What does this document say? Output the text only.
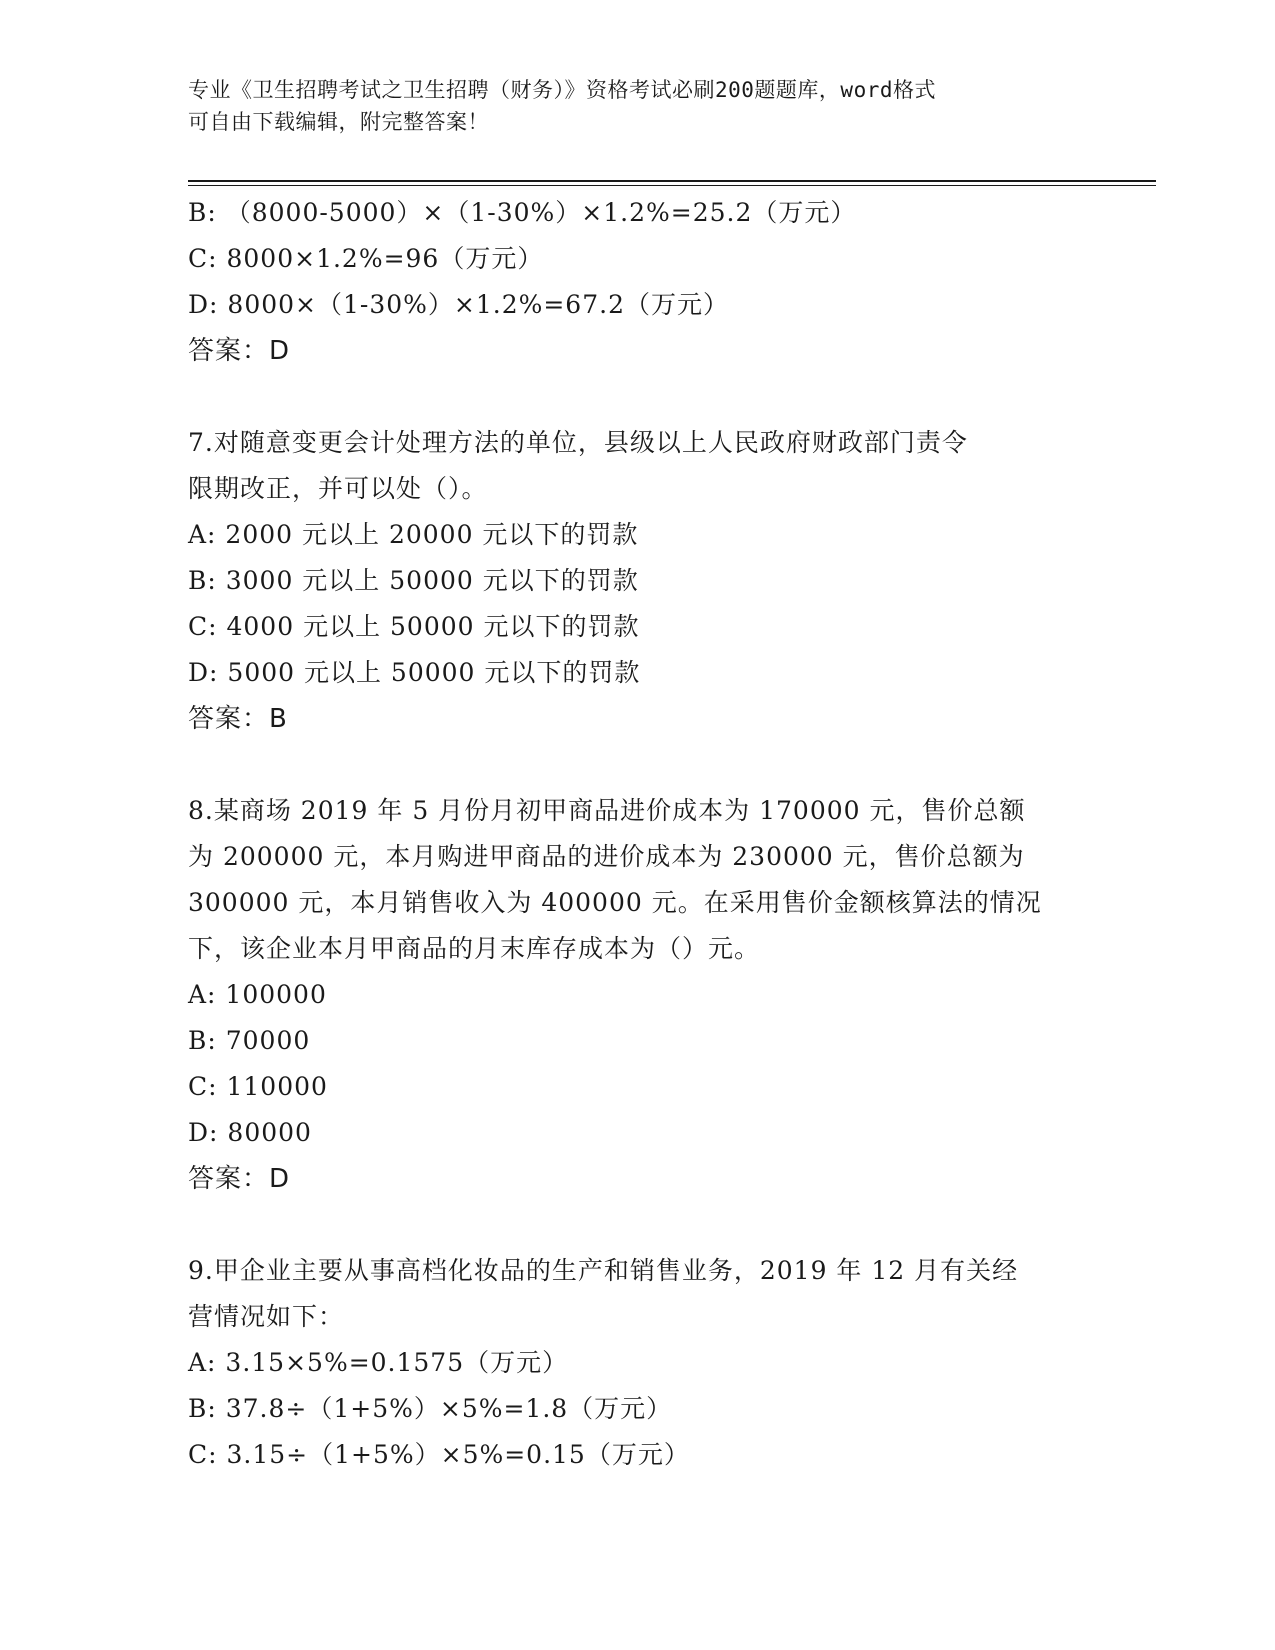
专业《卫生招聘考试之卫生招聘（财务）》资格考试必刷200题题库，word格式
可自由下载编辑，附完整答案！
B: （8000-5000）×（1-30%）×1.2%=25.2（万元）
C: 8000×1.2%=96（万元）
D: 8000×（1-30%）×1.2%=67.2（万元）
答案：D
7.对随意变更会计处理方法的单位，县级以上人民政府财政部门责令
限期改正，并可以处（）。
A: 2000 元以上 20000 元以下的罚款
B: 3000 元以上 50000 元以下的罚款
C: 4000 元以上 50000 元以下的罚款
D: 5000 元以上 50000 元以下的罚款
答案：B
8.某商场 2019 年 5 月份月初甲商品进价成本为 170000 元，售价总额
为 200000 元，本月购进甲商品的进价成本为 230000 元，售价总额为
300000 元，本月销售收入为 400000 元。在采用售价金额核算法的情况
下，该企业本月甲商品的月末库存成本为（）元。
A: 100000
B: 70000
C: 110000
D: 80000
答案：D
9.甲企业主要从事高档化妆品的生产和销售业务，2019 年 12 月有关经
营情况如下：
A: 3.15×5%=0.1575（万元）
B: 37.8÷（1+5%）×5%=1.8（万元）
C: 3.15÷（1+5%）×5%=0.15（万元）
